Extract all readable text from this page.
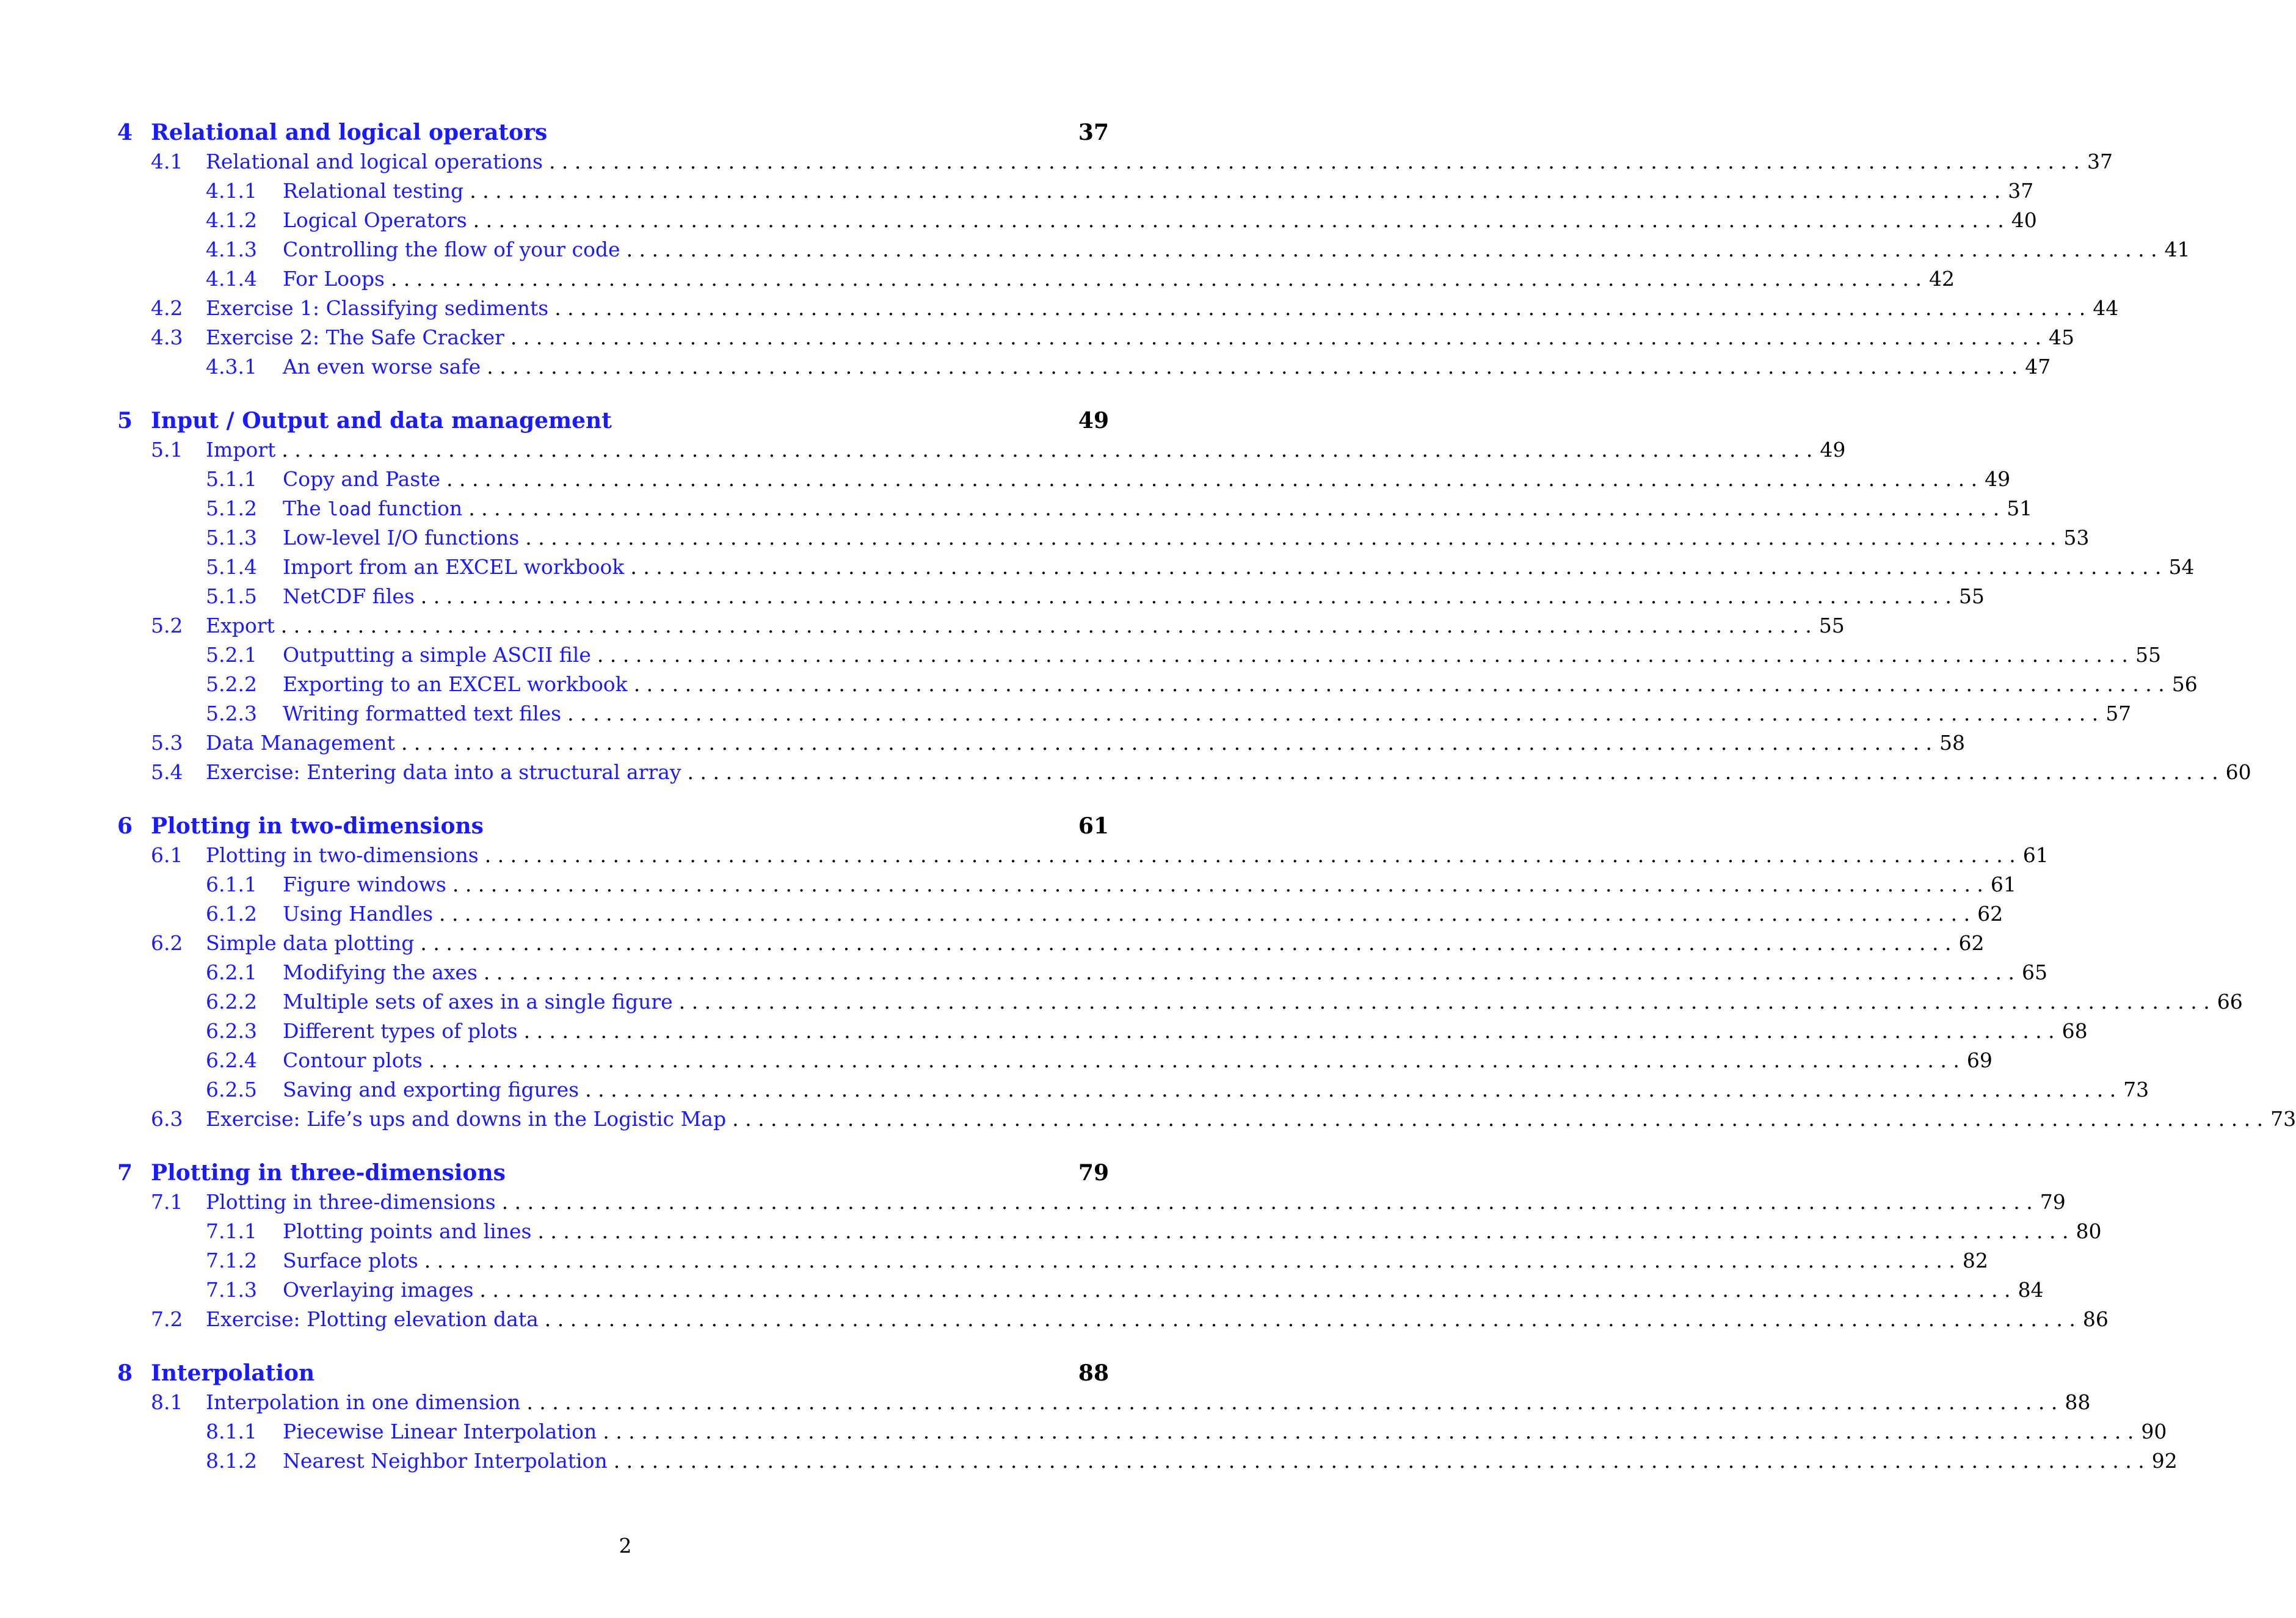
4 Relational and logical operators	37
4.1	Relational and logical operations . . . . . . . . . . . . . . . . . . . . . . . . . . . . . . . . . . . . . . . . . . . . . . . . . . . . . . . . . . . . . . . . . . . . . . . . . . . . . . . . . . . . . . . . . . . . . . . . . . . . . . . . . . . . . . . . . . . . . . . . 37
4.1.1	Relational testing . . . . . . . . . . . . . . . . . . . . . . . . . . . . . . . . . . . . . . . . . . . . . . . . . . . . . . . . . . . . . . . . . . . . . . . . . . . . . . . . . . . . . . . . . . . . . . . . . . . . . . . . . . . . . . . . . . . . . . . . 37
4.1.2	Logical Operators . . . . . . . . . . . . . . . . . . . . . . . . . . . . . . . . . . . . . . . . . . . . . . . . . . . . . . . . . . . . . . . . . . . . . . . . . . . . . . . . . . . . . . . . . . . . . . . . . . . . . . . . . . . . . . . . . . . . . . . . 40
4.1.3	Controlling the flow of your code . . . . . . . . . . . . . . . . . . . . . . . . . . . . . . . . . . . . . . . . . . . . . . . . . . . . . . . . . . . . . . . . . . . . . . . . . . . . . . . . . . . . . . . . . . . . . . . . . . . . . . . . . . . . . . . . . . . . . . . . 41
4.1.4	For Loops . . . . . . . . . . . . . . . . . . . . . . . . . . . . . . . . . . . . . . . . . . . . . . . . . . . . . . . . . . . . . . . . . . . . . . . . . . . . . . . . . . . . . . . . . . . . . . . . . . . . . . . . . . . . . . . . . . . . . . . . 42
4.2	Exercise 1: Classifying sediments . . . . . . . . . . . . . . . . . . . . . . . . . . . . . . . . . . . . . . . . . . . . . . . . . . . . . . . . . . . . . . . . . . . . . . . . . . . . . . . . . . . . . . . . . . . . . . . . . . . . . . . . . . . . . . . . . . . . . . . . 44
4.3	Exercise 2: The Safe Cracker . . . . . . . . . . . . . . . . . . . . . . . . . . . . . . . . . . . . . . . . . . . . . . . . . . . . . . . . . . . . . . . . . . . . . . . . . . . . . . . . . . . . . . . . . . . . . . . . . . . . . . . . . . . . . . . . . . . . . . . . 45
4.3.1	An even worse safe . . . . . . . . . . . . . . . . . . . . . . . . . . . . . . . . . . . . . . . . . . . . . . . . . . . . . . . . . . . . . . . . . . . . . . . . . . . . . . . . . . . . . . . . . . . . . . . . . . . . . . . . . . . . . . . . . . . . . . . . 47
5 Input / Output and data management	49
5.1	Import . . . . . . . . . . . . . . . . . . . . . . . . . . . . . . . . . . . . . . . . . . . . . . . . . . . . . . . . . . . . . . . . . . . . . . . . . . . . . . . . . . . . . . . . . . . . . . . . . . . . . . . . . . . . . . . . . . . . . . . . 49
5.1.1	Copy and Paste . . . . . . . . . . . . . . . . . . . . . . . . . . . . . . . . . . . . . . . . . . . . . . . . . . . . . . . . . . . . . . . . . . . . . . . . . . . . . . . . . . . . . . . . . . . . . . . . . . . . . . . . . . . . . . . . . . . . . . . . 49
5.1.2	The load function . . . . . . . . . . . . . . . . . . . . . . . . . . . . . . . . . . . . . . . . . . . . . . . . . . . . . . . . . . . . . . . . . . . . . . . . . . . . . . . . . . . . . . . . . . . . . . . . . . . . . . . . . . . . . . . . . . . . . . . . 51
5.1.3	Low-level I/O functions . . . . . . . . . . . . . . . . . . . . . . . . . . . . . . . . . . . . . . . . . . . . . . . . . . . . . . . . . . . . . . . . . . . . . . . . . . . . . . . . . . . . . . . . . . . . . . . . . . . . . . . . . . . . . . . . . . . . . . . . 53
5.1.4	Import from an EXCEL workbook . . . . . . . . . . . . . . . . . . . . . . . . . . . . . . . . . . . . . . . . . . . . . . . . . . . . . . . . . . . . . . . . . . . . . . . . . . . . . . . . . . . . . . . . . . . . . . . . . . . . . . . . . . . . . . . . . . . . . . . . 54
5.1.5	NetCDF files . . . . . . . . . . . . . . . . . . . . . . . . . . . . . . . . . . . . . . . . . . . . . . . . . . . . . . . . . . . . . . . . . . . . . . . . . . . . . . . . . . . . . . . . . . . . . . . . . . . . . . . . . . . . . . . . . . . . . . . . 55
5.2	Export . . . . . . . . . . . . . . . . . . . . . . . . . . . . . . . . . . . . . . . . . . . . . . . . . . . . . . . . . . . . . . . . . . . . . . . . . . . . . . . . . . . . . . . . . . . . . . . . . . . . . . . . . . . . . . . . . . . . . . . . 55
5.2.1	Outputting a simple ASCII file . . . . . . . . . . . . . . . . . . . . . . . . . . . . . . . . . . . . . . . . . . . . . . . . . . . . . . . . . . . . . . . . . . . . . . . . . . . . . . . . . . . . . . . . . . . . . . . . . . . . . . . . . . . . . . . . . . . . . . . . 55
5.2.2	Exporting to an EXCEL workbook . . . . . . . . . . . . . . . . . . . . . . . . . . . . . . . . . . . . . . . . . . . . . . . . . . . . . . . . . . . . . . . . . . . . . . . . . . . . . . . . . . . . . . . . . . . . . . . . . . . . . . . . . . . . . . . . . . . . . . . . 56
5.2.3	Writing formatted text files . . . . . . . . . . . . . . . . . . . . . . . . . . . . . . . . . . . . . . . . . . . . . . . . . . . . . . . . . . . . . . . . . . . . . . . . . . . . . . . . . . . . . . . . . . . . . . . . . . . . . . . . . . . . . . . . . . . . . . . . 57
5.3	Data Management . . . . . . . . . . . . . . . . . . . . . . . . . . . . . . . . . . . . . . . . . . . . . . . . . . . . . . . . . . . . . . . . . . . . . . . . . . . . . . . . . . . . . . . . . . . . . . . . . . . . . . . . . . . . . . . . . . . . . . . . 58
5.4	Exercise: Entering data into a structural array . . . . . . . . . . . . . . . . . . . . . . . . . . . . . . . . . . . . . . . . . . . . . . . . . . . . . . . . . . . . . . . . . . . . . . . . . . . . . . . . . . . . . . . . . . . . . . . . . . . . . . . . . . . . . . . . . . . . . . . . 60
6 Plotting in two-dimensions	61
6.1	Plotting in two-dimensions . . . . . . . . . . . . . . . . . . . . . . . . . . . . . . . . . . . . . . . . . . . . . . . . . . . . . . . . . . . . . . . . . . . . . . . . . . . . . . . . . . . . . . . . . . . . . . . . . . . . . . . . . . . . . . . . . . . . . . . . 61
6.1.1	Figure windows . . . . . . . . . . . . . . . . . . . . . . . . . . . . . . . . . . . . . . . . . . . . . . . . . . . . . . . . . . . . . . . . . . . . . . . . . . . . . . . . . . . . . . . . . . . . . . . . . . . . . . . . . . . . . . . . . . . . . . . . 61
6.1.2	Using Handles . . . . . . . . . . . . . . . . . . . . . . . . . . . . . . . . . . . . . . . . . . . . . . . . . . . . . . . . . . . . . . . . . . . . . . . . . . . . . . . . . . . . . . . . . . . . . . . . . . . . . . . . . . . . . . . . . . . . . . . . 62
6.2	Simple data plotting . . . . . . . . . . . . . . . . . . . . . . . . . . . . . . . . . . . . . . . . . . . . . . . . . . . . . . . . . . . . . . . . . . . . . . . . . . . . . . . . . . . . . . . . . . . . . . . . . . . . . . . . . . . . . . . . . . . . . . . . 62
6.2.1	Modifying the axes . . . . . . . . . . . . . . . . . . . . . . . . . . . . . . . . . . . . . . . . . . . . . . . . . . . . . . . . . . . . . . . . . . . . . . . . . . . . . . . . . . . . . . . . . . . . . . . . . . . . . . . . . . . . . . . . . . . . . . . . 65
6.2.2	Multiple sets of axes in a single figure . . . . . . . . . . . . . . . . . . . . . . . . . . . . . . . . . . . . . . . . . . . . . . . . . . . . . . . . . . . . . . . . . . . . . . . . . . . . . . . . . . . . . . . . . . . . . . . . . . . . . . . . . . . . . . . . . . . . . . . . 66
6.2.3	Different types of plots . . . . . . . . . . . . . . . . . . . . . . . . . . . . . . . . . . . . . . . . . . . . . . . . . . . . . . . . . . . . . . . . . . . . . . . . . . . . . . . . . . . . . . . . . . . . . . . . . . . . . . . . . . . . . . . . . . . . . . . . 68
6.2.4	Contour plots . . . . . . . . . . . . . . . . . . . . . . . . . . . . . . . . . . . . . . . . . . . . . . . . . . . . . . . . . . . . . . . . . . . . . . . . . . . . . . . . . . . . . . . . . . . . . . . . . . . . . . . . . . . . . . . . . . . . . . . . 69
6.2.5	Saving and exporting figures . . . . . . . . . . . . . . . . . . . . . . . . . . . . . . . . . . . . . . . . . . . . . . . . . . . . . . . . . . . . . . . . . . . . . . . . . . . . . . . . . . . . . . . . . . . . . . . . . . . . . . . . . . . . . . . . . . . . . . . . 73
6.3	Exercise: Life’s ups and downs in the Logistic Map . . . . . . . . . . . . . . . . . . . . . . . . . . . . . . . . . . . . . . . . . . . . . . . . . . . . . . . . . . . . . . . . . . . . . . . . . . . . . . . . . . . . . . . . . . . . . . . . . . . . . . . . . . . . . . . . . . . . . . . . 73
7 Plotting in three-dimensions	79
7.1	Plotting in three-dimensions . . . . . . . . . . . . . . . . . . . . . . . . . . . . . . . . . . . . . . . . . . . . . . . . . . . . . . . . . . . . . . . . . . . . . . . . . . . . . . . . . . . . . . . . . . . . . . . . . . . . . . . . . . . . . . . . . . . . . . . . 79
7.1.1	Plotting points and lines . . . . . . . . . . . . . . . . . . . . . . . . . . . . . . . . . . . . . . . . . . . . . . . . . . . . . . . . . . . . . . . . . . . . . . . . . . . . . . . . . . . . . . . . . . . . . . . . . . . . . . . . . . . . . . . . . . . . . . . . 80
7.1.2	Surface plots . . . . . . . . . . . . . . . . . . . . . . . . . . . . . . . . . . . . . . . . . . . . . . . . . . . . . . . . . . . . . . . . . . . . . . . . . . . . . . . . . . . . . . . . . . . . . . . . . . . . . . . . . . . . . . . . . . . . . . . . 82
7.1.3	Overlaying images . . . . . . . . . . . . . . . . . . . . . . . . . . . . . . . . . . . . . . . . . . . . . . . . . . . . . . . . . . . . . . . . . . . . . . . . . . . . . . . . . . . . . . . . . . . . . . . . . . . . . . . . . . . . . . . . . . . . . . . . 84
7.2	Exercise: Plotting elevation data . . . . . . . . . . . . . . . . . . . . . . . . . . . . . . . . . . . . . . . . . . . . . . . . . . . . . . . . . . . . . . . . . . . . . . . . . . . . . . . . . . . . . . . . . . . . . . . . . . . . . . . . . . . . . . . . . . . . . . . . 86
8 Interpolation	88
8.1	Interpolation in one dimension . . . . . . . . . . . . . . . . . . . . . . . . . . . . . . . . . . . . . . . . . . . . . . . . . . . . . . . . . . . . . . . . . . . . . . . . . . . . . . . . . . . . . . . . . . . . . . . . . . . . . . . . . . . . . . . . . . . . . . . . 88
8.1.1	Piecewise Linear Interpolation . . . . . . . . . . . . . . . . . . . . . . . . . . . . . . . . . . . . . . . . . . . . . . . . . . . . . . . . . . . . . . . . . . . . . . . . . . . . . . . . . . . . . . . . . . . . . . . . . . . . . . . . . . . . . . . . . . . . . . . . 90
8.1.2	Nearest Neighbor Interpolation . . . . . . . . . . . . . . . . . . . . . . . . . . . . . . . . . . . . . . . . . . . . . . . . . . . . . . . . . . . . . . . . . . . . . . . . . . . . . . . . . . . . . . . . . . . . . . . . . . . . . . . . . . . . . . . . . . . . . . . . 92
2
